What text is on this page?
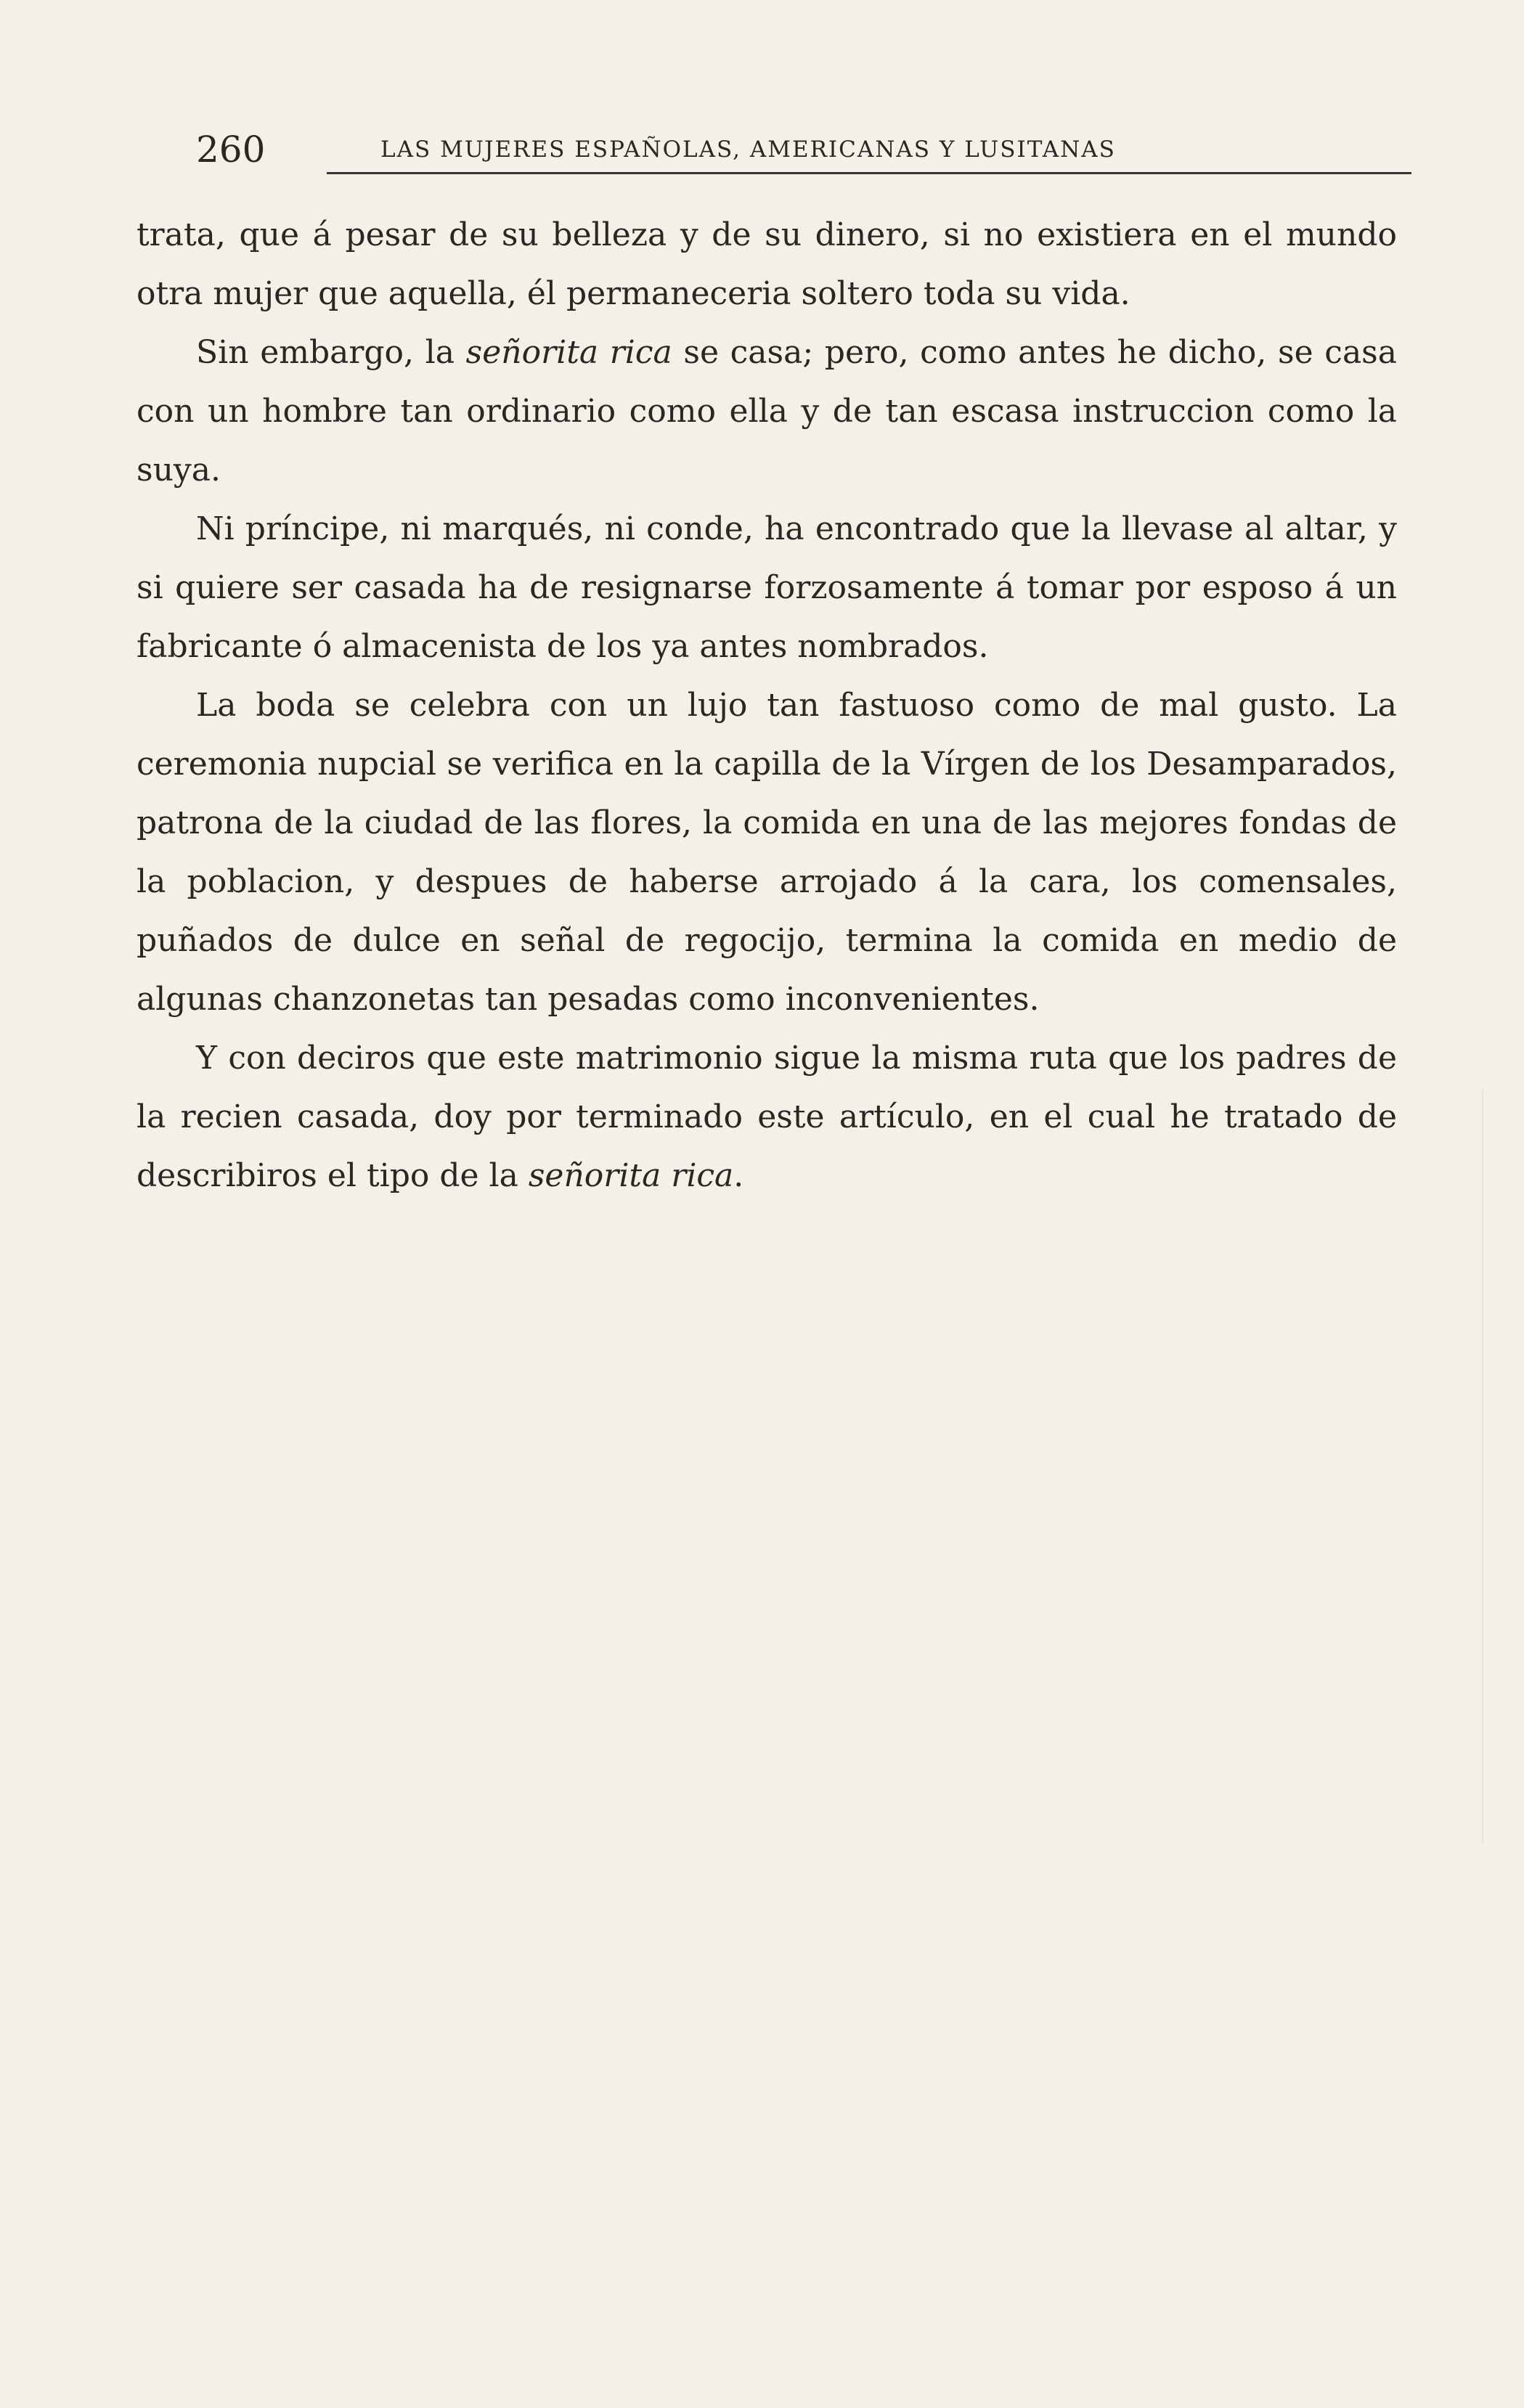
260	LAS MUJERES ESPAÑOLAS, AMERICANAS Y LUSITANAS

trata, que á pesar de su belleza y de su dinero, si no existiera en el mundo otra mujer que aquella, él permaneceria soltero toda su vida.

Sin embargo, la señorita rica se casa; pero, como antes he dicho, se casa con un hombre tan ordinario como ella y de tan escasa instruccion como la suya.

Ni príncipe, ni marqués, ni conde, ha encontrado que la llevase al altar, y si quiere ser casada ha de resignarse forzosamente á tomar por esposo á un fabricante ó almacenista de los ya antes nombrados.

La boda se celebra con un lujo tan fastuoso como de mal gusto. La ceremonia nupcial se verifica en la capilla de la Vírgen de los Desamparados, patrona de la ciudad de las flores, la comida en una de las mejores fondas de la poblacion, y despues de haberse arrojado á la cara, los comensales, puñados de dulce en señal de regocijo, termina la comida en medio de algunas chanzonetas tan pesadas como inconvenientes.

Y con deciros que este matrimonio sigue la misma ruta que los padres de la recien casada, doy por terminado este artículo, en el cual he tratado de describiros el tipo de la señorita rica.
